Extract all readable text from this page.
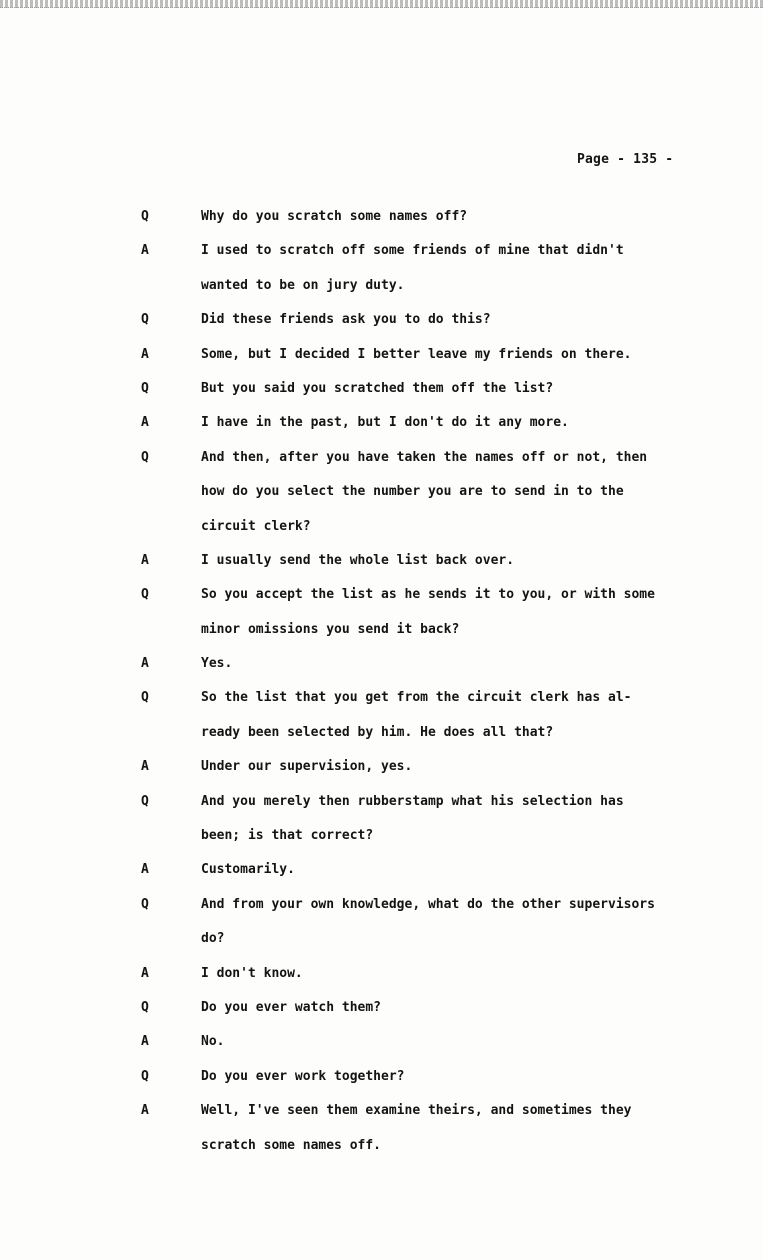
Page - 135 -
Q	Why do you scratch some names off?
A	I used to scratch off some friends of mine that didn't
wanted to be on jury duty.
Q	Did these friends ask you to do this?
A	Some, but I decided I better leave my friends on there.
Q	But you said you scratched them off the list?
A	I have in the past, but I don't do it any more.
Q	And then, after you have taken the names off or not, then
how do you select the number you are to send in to the
circuit clerk?
A	I usually send the whole list back over.
Q	So you accept the list as he sends it to you, or with some
minor omissions you send it back?
A	Yes.
Q	So the list that you get from the circuit clerk has al-
ready been selected by him. He does all that?
A	Under our supervision, yes.
Q	And you merely then rubberstamp what his selection has
been; is that correct?
A	Customarily.
Q	And from your own knowledge, what do the other supervisors
do?
A	I don't know.
Q	Do you ever watch them?
A	No.
Q	Do you ever work together?
A	Well, I've seen them examine theirs, and sometimes they
scratch some names off.
